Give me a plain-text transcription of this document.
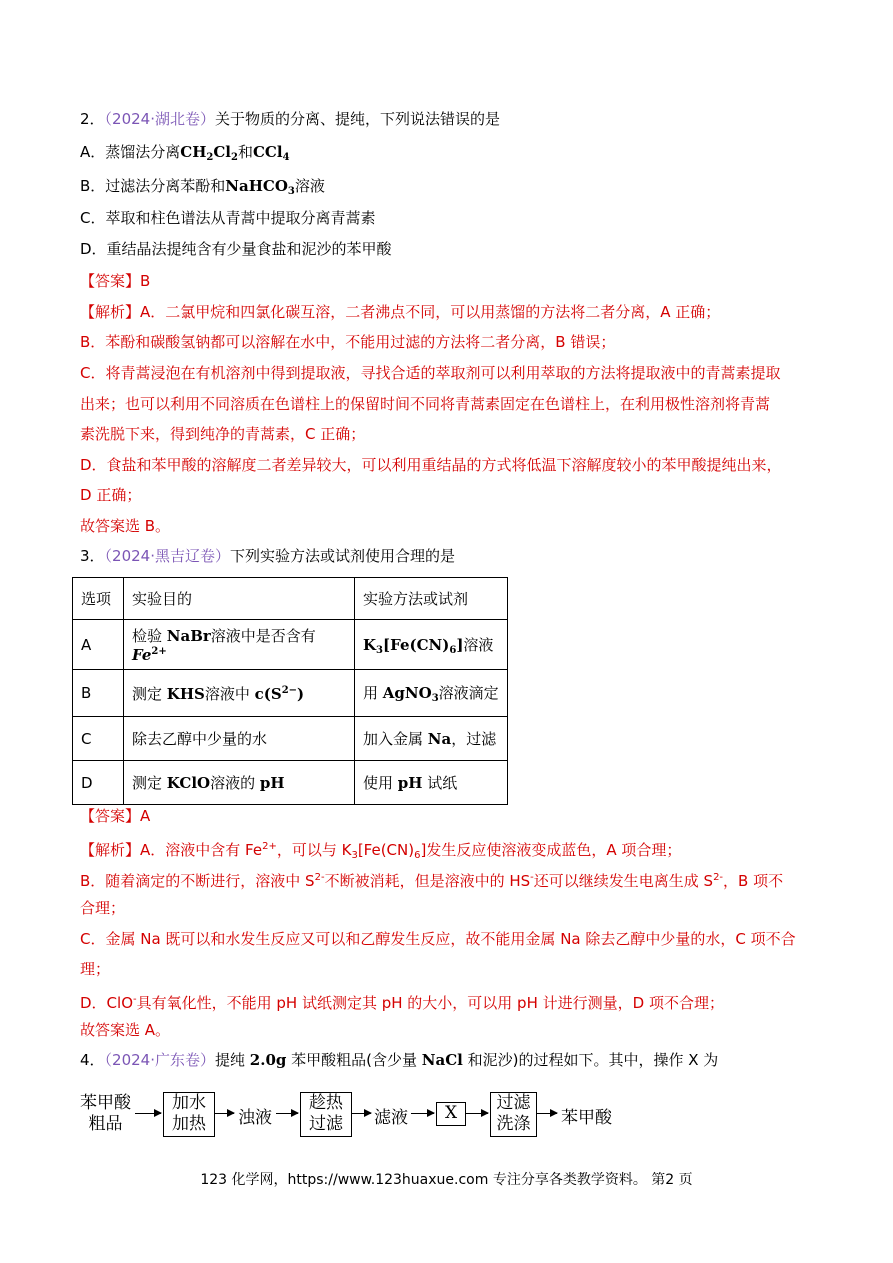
2．（2024·湖北卷）关于物质的分离、提纯，下列说法错误的是
A．蒸馏法分离$CH_2Cl_2$和CCl$_4$
B．过滤法分离苯酚和NaHCO$_3$溶液
C．萃取和柱色谱法从青蒿中提取分离青蒿素
D．重结晶法提纯含有少量食盐和泥沙的苯甲酸
【答案】B
【解析】A．二氯甲烷和四氯化碳互溶，二者沸点不同，可以用蒸馏的方法将二者分离，A 正确；
B．苯酚和碳酸氢钠都可以溶解在水中，不能用过滤的方法将二者分离，B 错误；
C．将青蒿浸泡在有机溶剂中得到提取液，寻找合适的萃取剂可以利用萃取的方法将提取液中的青蒿素提取
出来；也可以利用不同溶质在色谱柱上的保留时间不同将青蒿素固定在色谱柱上，在利用极性溶剂将青蒿
素洗脱下来，得到纯净的青蒿素，C 正确；
D．食盐和苯甲酸的溶解度二者差异较大，可以利用重结晶的方式将低温下溶解度较小的苯甲酸提纯出来，
D 正确；
故答案选 B。
3．（2024·黑吉辽卷）下列实验方法或试剂使用合理的是
选项	实验目的	实验方法或试剂
A	检验 NaBr溶液中是否含有 $Fe^{2+}$	$K_3[Fe(CN)_6]$溶液
B	测定 KHS溶液中 $c(S^{2-})$	用 AgNO$_3$溶液滴定
C	除去乙醇中少量的水	加入金属 Na，过滤
D	测定 KClO溶液的 pH	使用 pH 试纸
【答案】A
【解析】A．溶液中含有 $Fe^{2+}$，可以与 $K_3[Fe(CN)_6]$发生反应使溶液变成蓝色，A 项合理；
B．随着滴定的不断进行，溶液中 $S^{2-}$不断被消耗，但是溶液中的 HS-还可以继续发生电离生成 $S^{2-}$，B 项不
合理；
C．金属 Na 既可以和水发生反应又可以和乙醇发生反应，故不能用金属 Na 除去乙醇中少量的水，C 项不合
理；
D．ClO-具有氧化性，不能用 pH 试纸测定其 pH 的大小，可以用 pH 计进行测量，D 项不合理；
故答案选 A。
4．（2024·广东卷）提纯 2.0g 苯甲酸粗品(含少量 NaCl 和泥沙)的过程如下。其中，操作 X 为
苯甲酸
粗品
加水
加热	浊液
趁热
过滤	滤液	X	过滤
洗涤	苯甲酸
123 化学网，https://www.123huaxue.com 专注分享各类教学资料。 第2 页
